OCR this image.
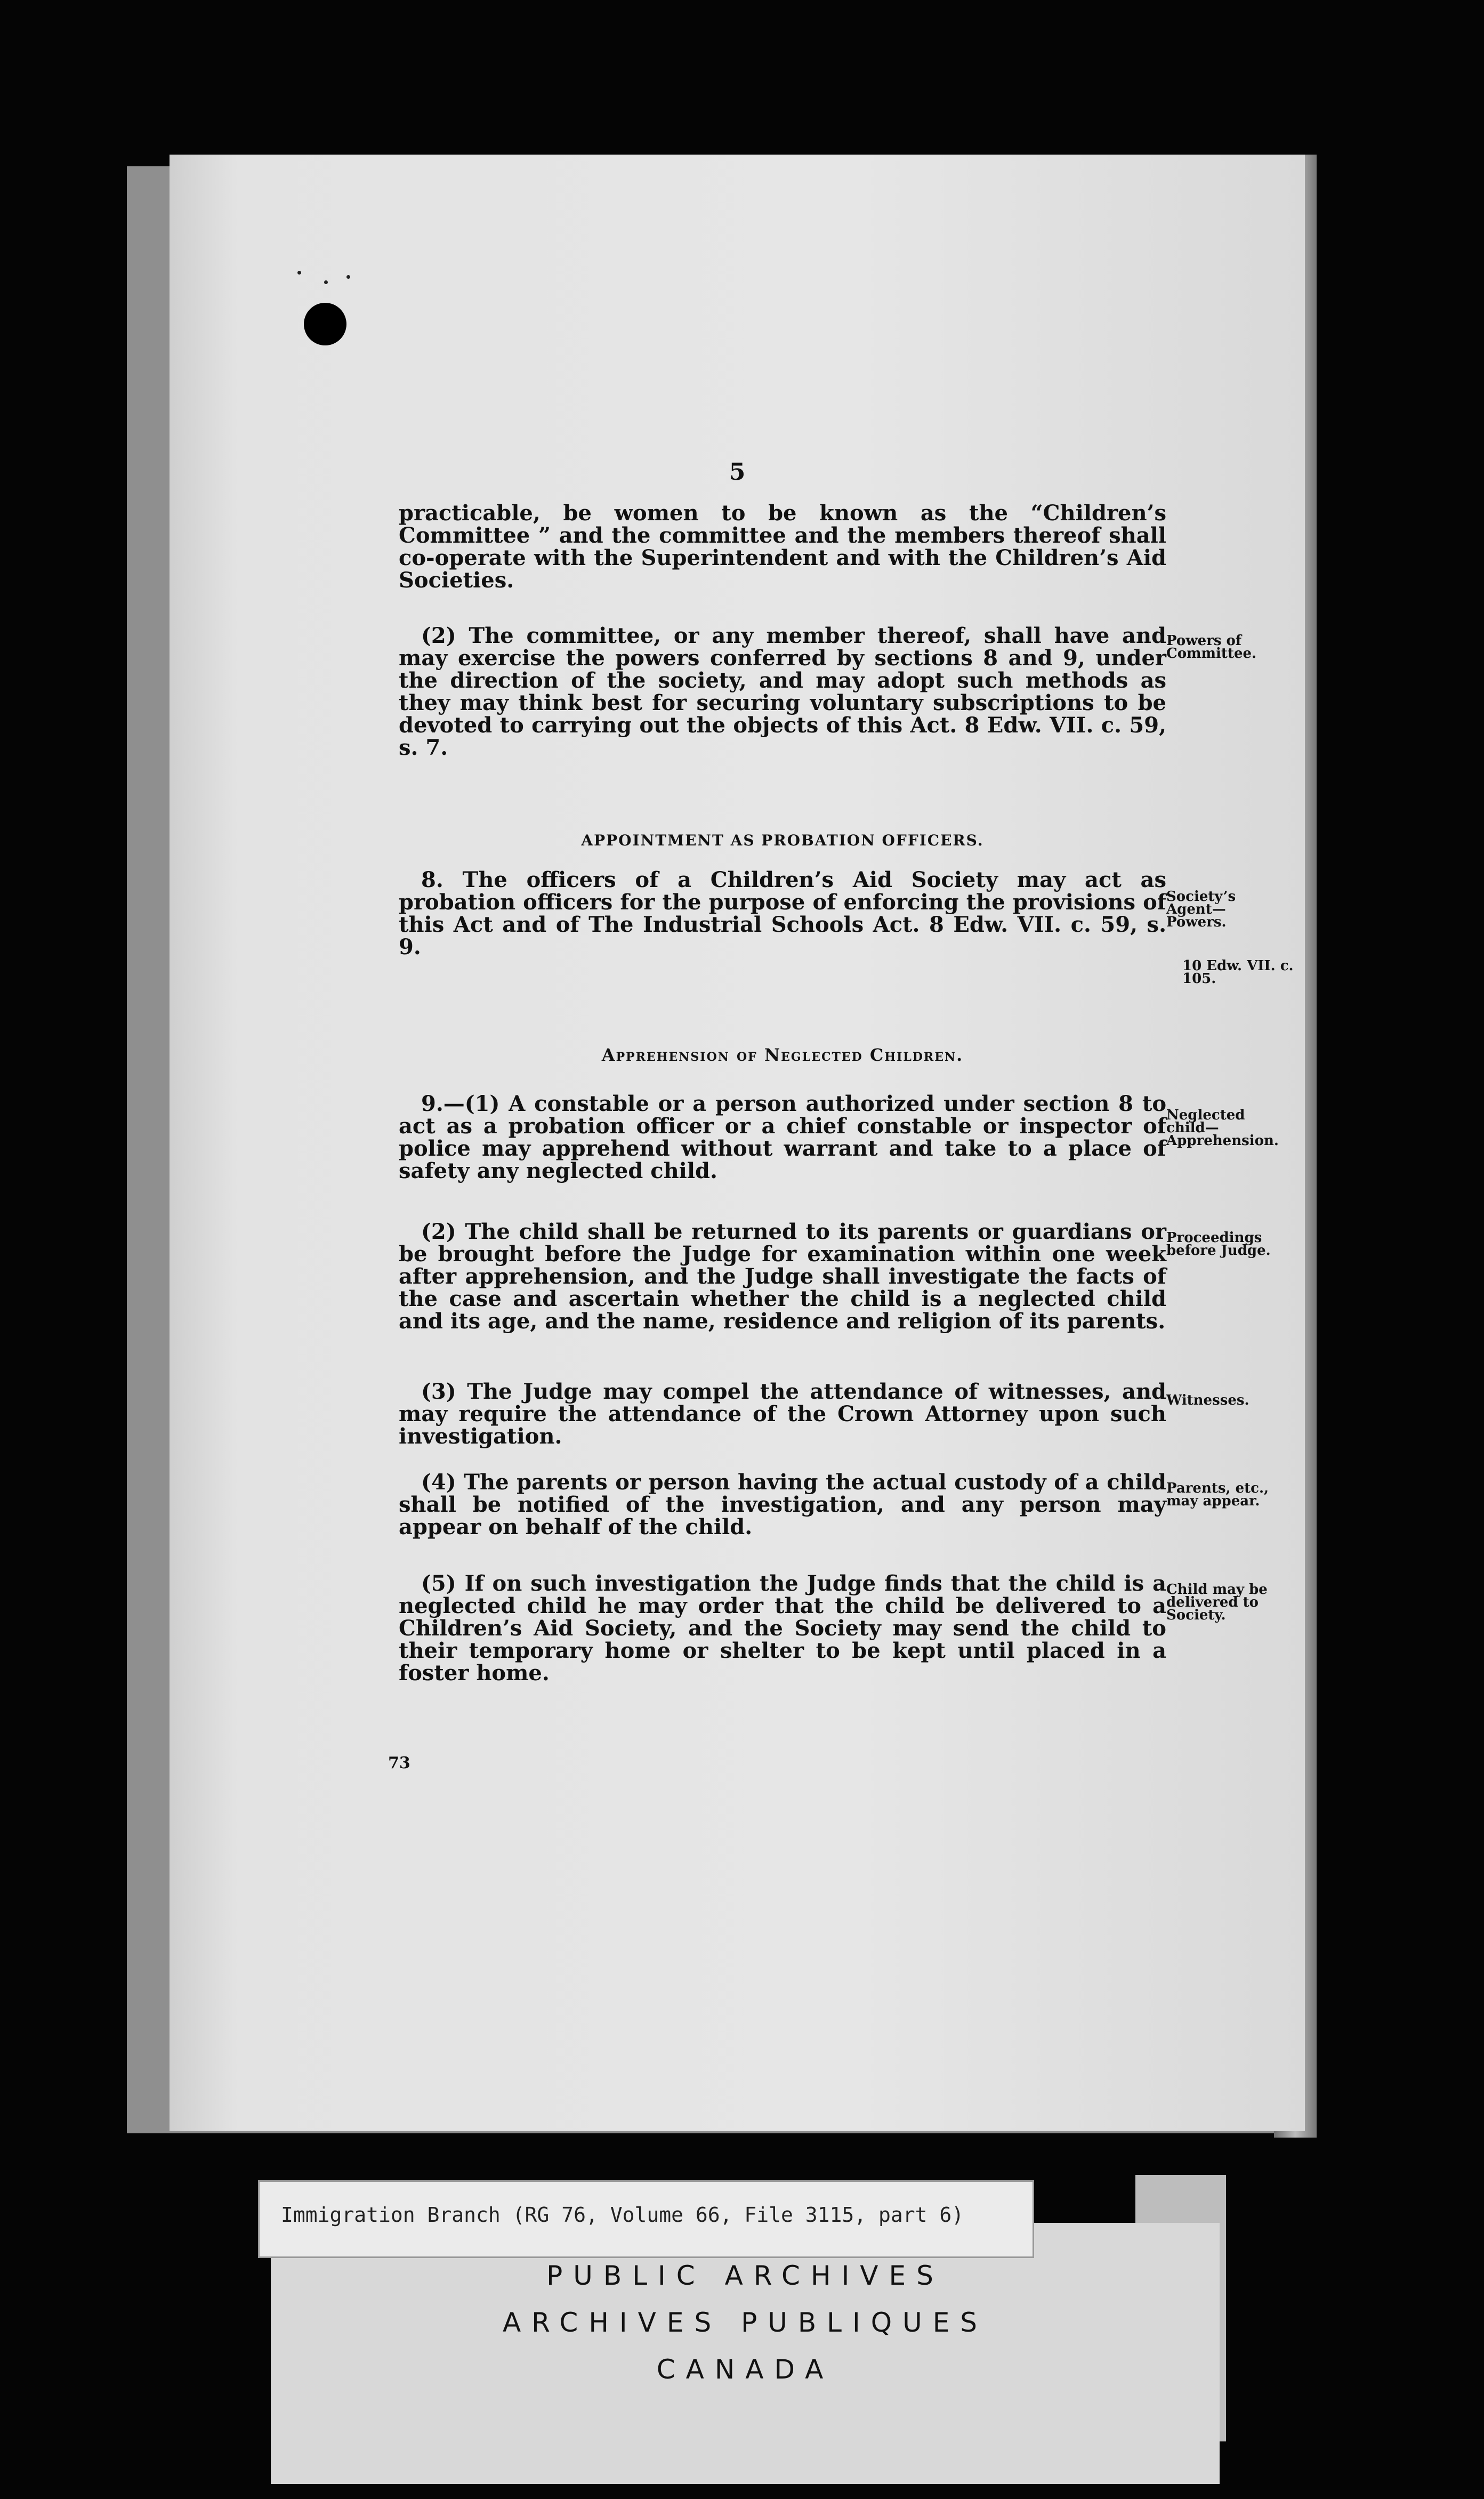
5

practicable, be women to be known as the “Children’s Committee ” and the committee and the members thereof shall co-operate with the Superintendent and with the Children’s Aid Societies.

(2) The committee, or any member thereof, shall have and may exercise the powers conferred by sections 8 and 9, under the direction of the society, and may adopt such methods as they may think best for securing voluntary subscriptions to be devoted to carrying out the objects of this Act. 8 Edw. VII. c. 59, s. 7.

Powers of Committee.

APPOINTMENT AS PROBATION OFFICERS.

8. The officers of a Children’s Aid Society may act as probation officers for the purpose of enforcing the provisions of this Act and of The Industrial Schools Act. 8 Edw. VII. c. 59, s. 9.

Society’s Agent— Powers.

10 Edw. VII. c. 105.

Apprehension of Neglected Children.

9.—(1) A constable or a person authorized under section 8 to act as a probation officer or a chief constable or inspector of police may apprehend without warrant and take to a place of safety any neglected child.

Neglected child— Apprehension.

(2) The child shall be returned to its parents or guardians or be brought before the Judge for examination within one week after apprehension, and the Judge shall investigate the facts of the case and ascertain whether the child is a neglected child and its age, and the name, residence and religion of its parents.

Proceedings before Judge.

(3) The Judge may compel the attendance of witnesses, and may require the attendance of the Crown Attorney upon such investigation.

Witnesses.

(4) The parents or person having the actual custody of a child shall be notified of the investigation, and any person may appear on behalf of the child.

Parents, etc., may appear.

(5) If on such investigation the Judge finds that the child is a neglected child he may order that the child be delivered to a Children’s Aid Society, and the Society may send the child to their temporary home or shelter to be kept until placed in a foster home.

Child may be delivered to Society.

73
PUBLIC ARCHIVES
ARCHIVES PUBLIQUES
CANADA
Immigration Branch (RG 76, Volume 66, File 3115, part 6)
